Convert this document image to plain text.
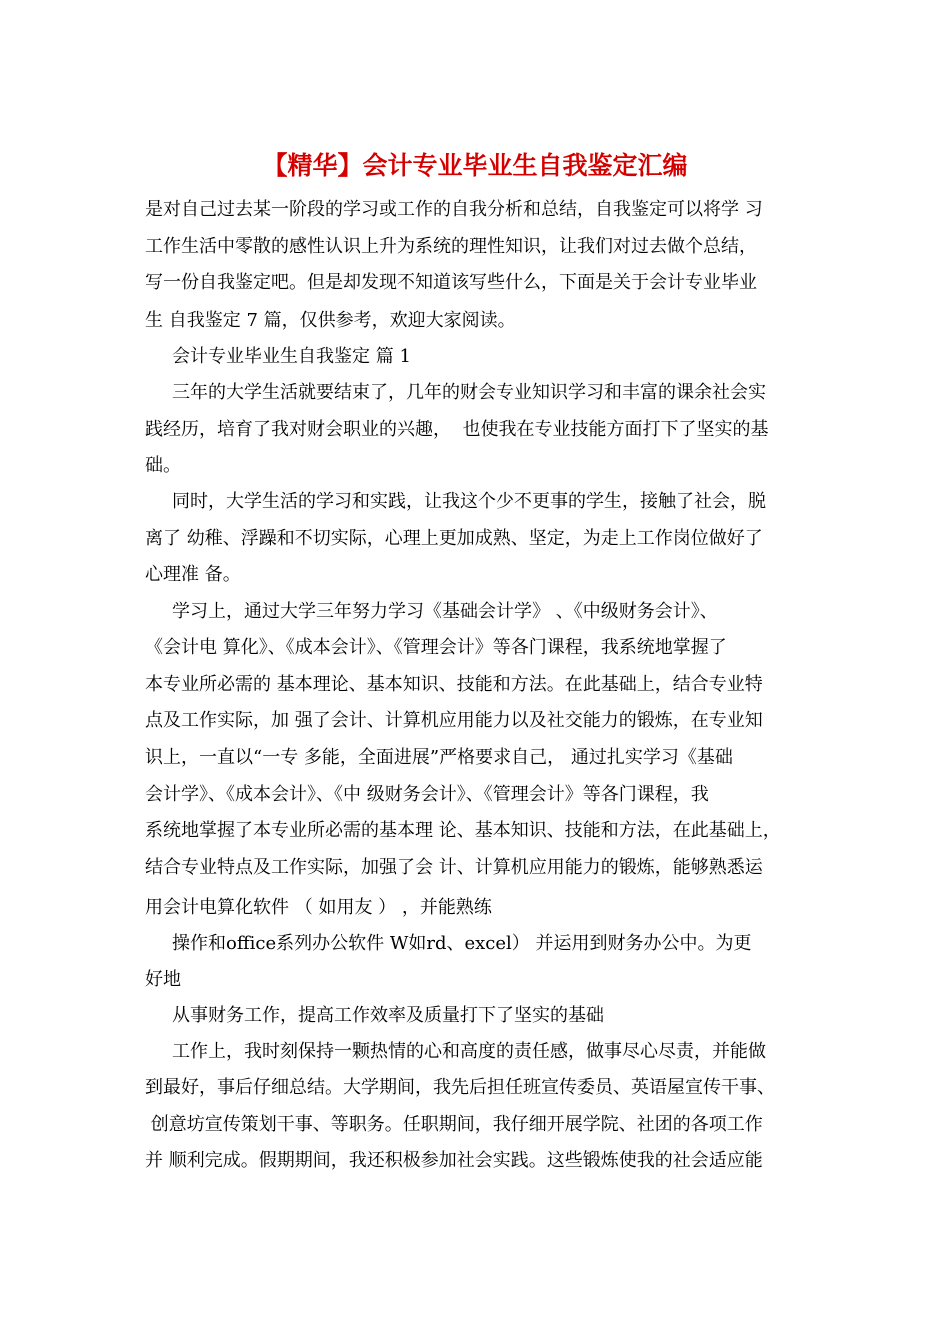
【精华】会计专业毕业生自我鉴定汇编
是对自己过去某一阶段的学习或工作的自我分析和总结，自我鉴定可以将学 习
工作生活中零散的感性认识上升为系统的理性知识，让我们对过去做个总结，
写一份自我鉴定吧。但是却发现不知道该写些什么，下面是关于会计专业毕业
生 自我鉴定 7 篇，仅供参考，欢迎大家阅读。
会计专业毕业生自我鉴定 篇 1
三年的大学生活就要结束了，几年的财会专业知识学习和丰富的课余社会实
践经历，培育了我对财会职业的兴趣，  也使我在专业技能方面打下了坚实的基
础。
同时，大学生活的学习和实践，让我这个少不更事的学生，接触了社会，脱
离了 幼稚、浮躁和不切实际，心理上更加成熟、坚定，为走上工作岗位做好了
心理准 备。
学习上，通过大学三年努力学习《基础会计学》 、《中级财务会计》、
《会计电 算化》、《成本会计》、《管理会计》等各门课程，我系统地掌握了
本专业所必需的 基本理论、基本知识、技能和方法。在此基础上，结合专业特
点及工作实际，加 强了会计、计算机应用能力以及社交能力的锻炼，在专业知
识上，一直以“一专 多能，全面进展”严格要求自己， 通过扎实学习《基础
会计学》、《成本会计》、《中 级财务会计》、《管理会计》等各门课程，我
系统地掌握了本专业所必需的基本理 论、基本知识、技能和方法，在此基础上，
结合专业特点及工作实际，加强了会 计、计算机应用能力的锻炼，能够熟悉运
用会计电算化软件 （ 如用友 ） ，并能熟练
操作和office系列办公软件 W如rd、excel） 并运用到财务办公中。为更
好地
从事财务工作，提高工作效率及质量打下了坚实的基础
工作上，我时刻保持一颗热情的心和高度的责任感，做事尽心尽责，并能做
到最好，事后仔细总结。大学期间，我先后担任班宣传委员、英语屋宣传干事、
创意坊宣传策划干事、等职务。任职期间，我仔细开展学院、社团的各项工作
并 顺利完成。假期期间，我还积极参加社会实践。这些锻炼使我的社会适应能
